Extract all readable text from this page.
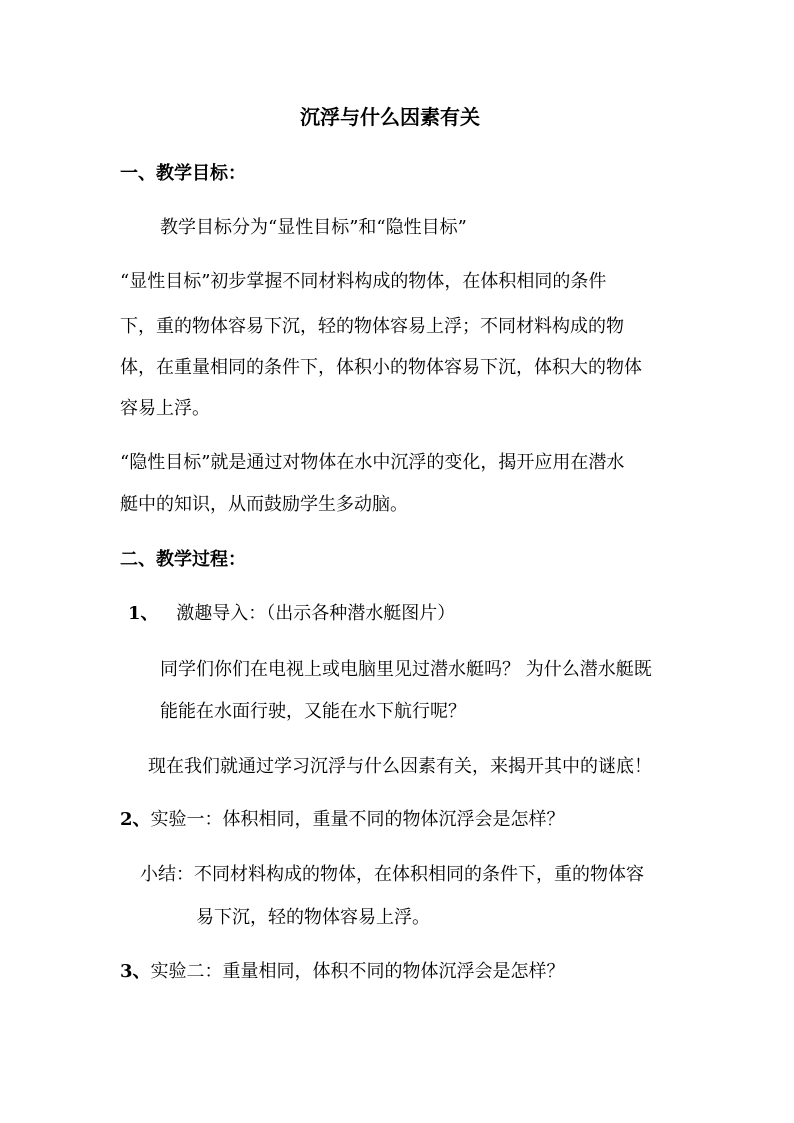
沉浮与什么因素有关

一、教学目标：

教学目标分为“显性目标”和“隐性目标”

“显性目标”初步掌握不同材料构成的物体，在体积相同的条件

下，重的物体容易下沉，轻的物体容易上浮；不同材料构成的物

体，在重量相同的条件下，体积小的物体容易下沉，体积大的物体

容易上浮。

“隐性目标”就是通过对物体在水中沉浮的变化，揭开应用在潜水

艇中的知识，从而鼓励学生多动脑。

二、教学过程：

1、 激趣导入：（出示各种潜水艇图片）

同学们你们在电视上或电脑里见过潜水艇吗？ 为什么潜水艇既

能能在水面行驶，又能在水下航行呢？

现在我们就通过学习沉浮与什么因素有关，来揭开其中的谜底！

2、实验一：体积相同，重量不同的物体沉浮会是怎样？

小结：不同材料构成的物体，在体积相同的条件下，重的物体容

易下沉，轻的物体容易上浮。

3、实验二：重量相同，体积不同的物体沉浮会是怎样？
